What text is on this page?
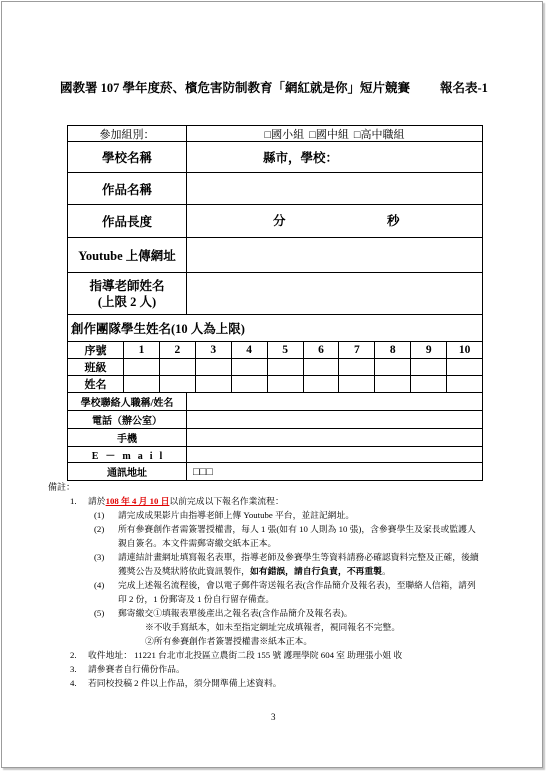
國教署 107 學年度菸、檳危害防制教育「網紅就是你」短片競賽 報名表-1
參加組別：	□國小組 □國中組 □高中職組
學校名稱	縣市，學校：
作品名稱
作品長度	分	秒
Youtube 上傳網址
指導老師姓名
(上限 2 人)
創作團隊學生姓名(10 人為上限)
序號	1	2	3	4	5	6	7	8	9	10
班級
姓名
學校聯絡人職稱/姓名
電話（辦公室）
手機
E－mail
通訊地址	□□□
備註：
1.	請於108 年 4 月 10 日以前完成以下報名作業流程：
(1)	請完成成果影片由指導老師上傳 Youtube 平台，並註記網址。
(2)	所有參賽創作者需簽署授權書，每人 1 張(如有 10 人則為 10 張)，含參賽學生及家長或監護人
親自簽名。本文件需郵寄繳交紙本正本。
(3)	請連結計畫網址填寫報名表單，指導老師及參賽學生等資料請務必確認資料完整及正確，後續
獲獎公告及獎狀將依此資訊製作，如有錯誤，請自行負責，不再重製。
(4)	完成上述報名流程後，會以電子郵件寄送報名表(含作品簡介及報名表)，至聯絡人信箱，請列
印 2 份，1 份郵寄及 1 份自行留存備查。
(5)	郵寄繳交①填報表單後產出之報名表(含作品簡介及報名表)。
※不收手寫紙本，如未至指定網址完成填報者，視同報名不完整。
②所有參賽創作者簽署授權書※紙本正本。
2.	收件地址： 11221 台北市北投區立農街二段 155 號 護理學院 604 室 助理張小姐 收
3.	請參賽者自行備份作品。
4.	若同校投稿 2 件以上作品，須分開準備上述資料。
3
